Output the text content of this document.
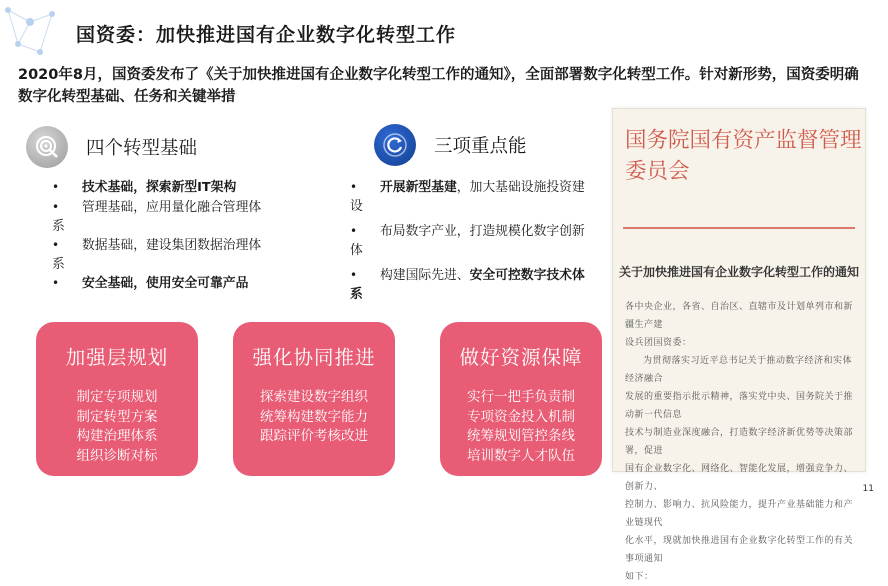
国资委：加快推进国有企业数字化转型工作
2020年8月，国资委发布了《关于加快推进国有企业数字化转型工作的通知》，全面部署数字化转型工作。针对新形势，国资委明确数字化转型基础、任务和关键举措
四个转型基础
• 技术基础，探索新型IT架构
• 管理基础，应用量化融合管理体
系
• 数据基础，建设集团数据治理体
系
• 安全基础，使用安全可靠产品
三项重点能
• 开展新型基建，加大基础设施投资建
设
• 布局数字产业，打造规模化数字创新
体
• 构建国际先进、安全可控数字技术体
系
加强层规划
制定专项规划
制定转型方案
构建治理体系
组织诊断对标
强化协同推进
探索建设数字组织
统筹构建数字能力
跟踪评价考核改进
做好资源保障
实行一把手负责制
专项资金投入机制
统筹规划管控条线
培训数字人才队伍
国务院国有资产监督管理委员会
关于加快推进国有企业数字化转型工作的通知
各中央企业，各省、自治区、直辖市及计划单列市和新疆生产建
设兵团国资委：
为贯彻落实习近平总书记关于推动数字经济和实体经济融合
发展的重要指示批示精神，落实党中央、国务院关于推动新一代信息
技术与制造业深度融合，打造数字经济新优势等决策部署，促进
国有企业数字化、网络化、智能化发展，增强竞争力、创新力、
控制力、影响力、抗风险能力，提升产业基础能力和产业链现代
化水平，现就加快推进国有企业数字化转型工作的有关事项通知
如下：
11
